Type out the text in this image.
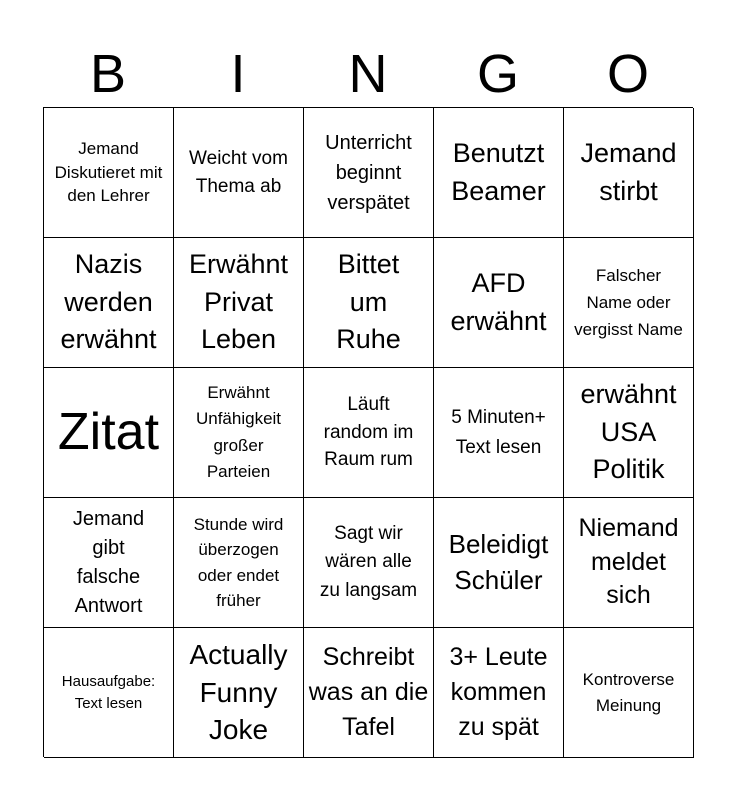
B	I	N	G	O
Jemand Diskutieret mit den Lehrer
Weicht vom Thema ab
Unterricht beginnt verspätet
Benutzt Beamer
Jemand stirbt
Nazis werden erwähnt
Erwähnt Privat Leben
Bittet um Ruhe
AFD erwähnt
Falscher Name oder vergisst Name
Zitat
Erwähnt Unfähigkeit großer Parteien
Läuft random im Raum rum
5 Minuten+ Text lesen
erwähnt USA Politik
Jemand gibt falsche Antwort
Stunde wird überzogen oder endet früher
Sagt wir wären alle zu langsam
Beleidigt Schüler
Niemand meldet sich
Hausaufgabe: Text lesen
Actually Funny Joke
Schreibt was an die Tafel
3+ Leute kommen zu spät
Kontroverse Meinung
